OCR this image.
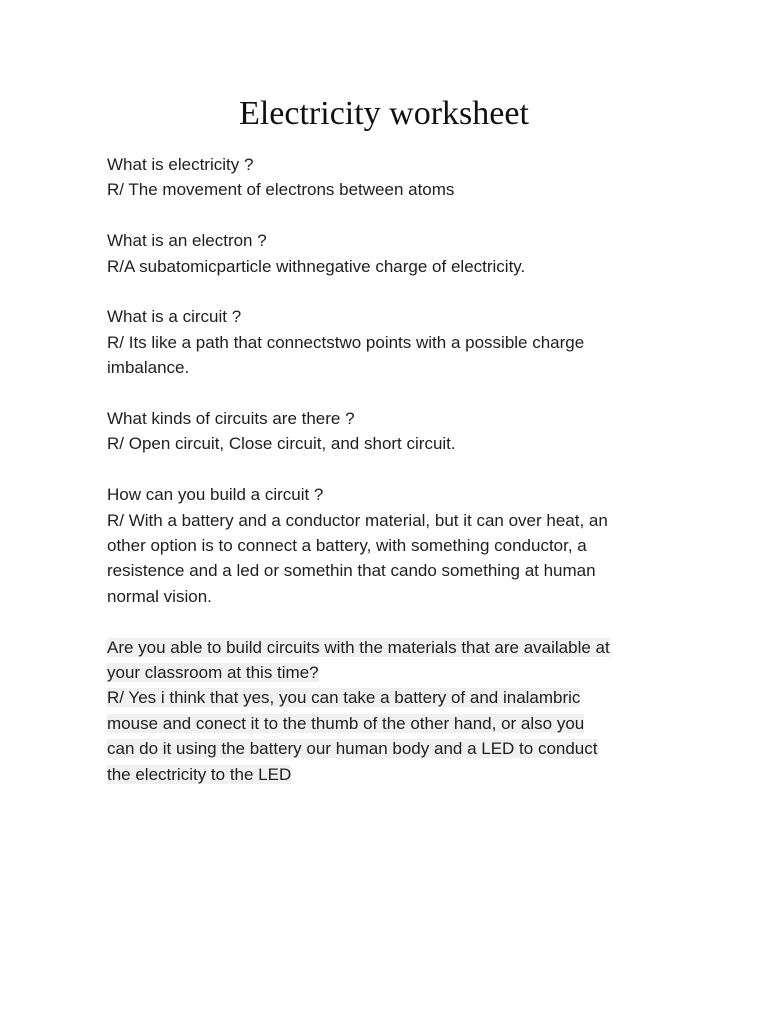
Electricity worksheet
What is electricity ?
R/ The movement of electrons between atoms
What is an electron ?
R/A subatomicparticle withnegative charge of electricity.
What is a circuit ?
R/ Its like a path that connectstwo points with a possible charge
imbalance.
What kinds of circuits are there ?
R/ Open circuit, Close circuit, and short circuit.
How can you build a circuit ?
R/ With a battery and a conductor material, but it can over heat, an
other option is to connect a battery, with something conductor, a
resistence and a led or somethin that cando something at human
normal vision.
Are you able to build circuits with the materials that are available at
your classroom at this time?
R/ Yes i think that yes, you can take a battery of and inalambric
mouse and conect it to the thumb of the other hand, or also you
can do it using the battery our human body and a LED to conduct
the electricity to the LED
